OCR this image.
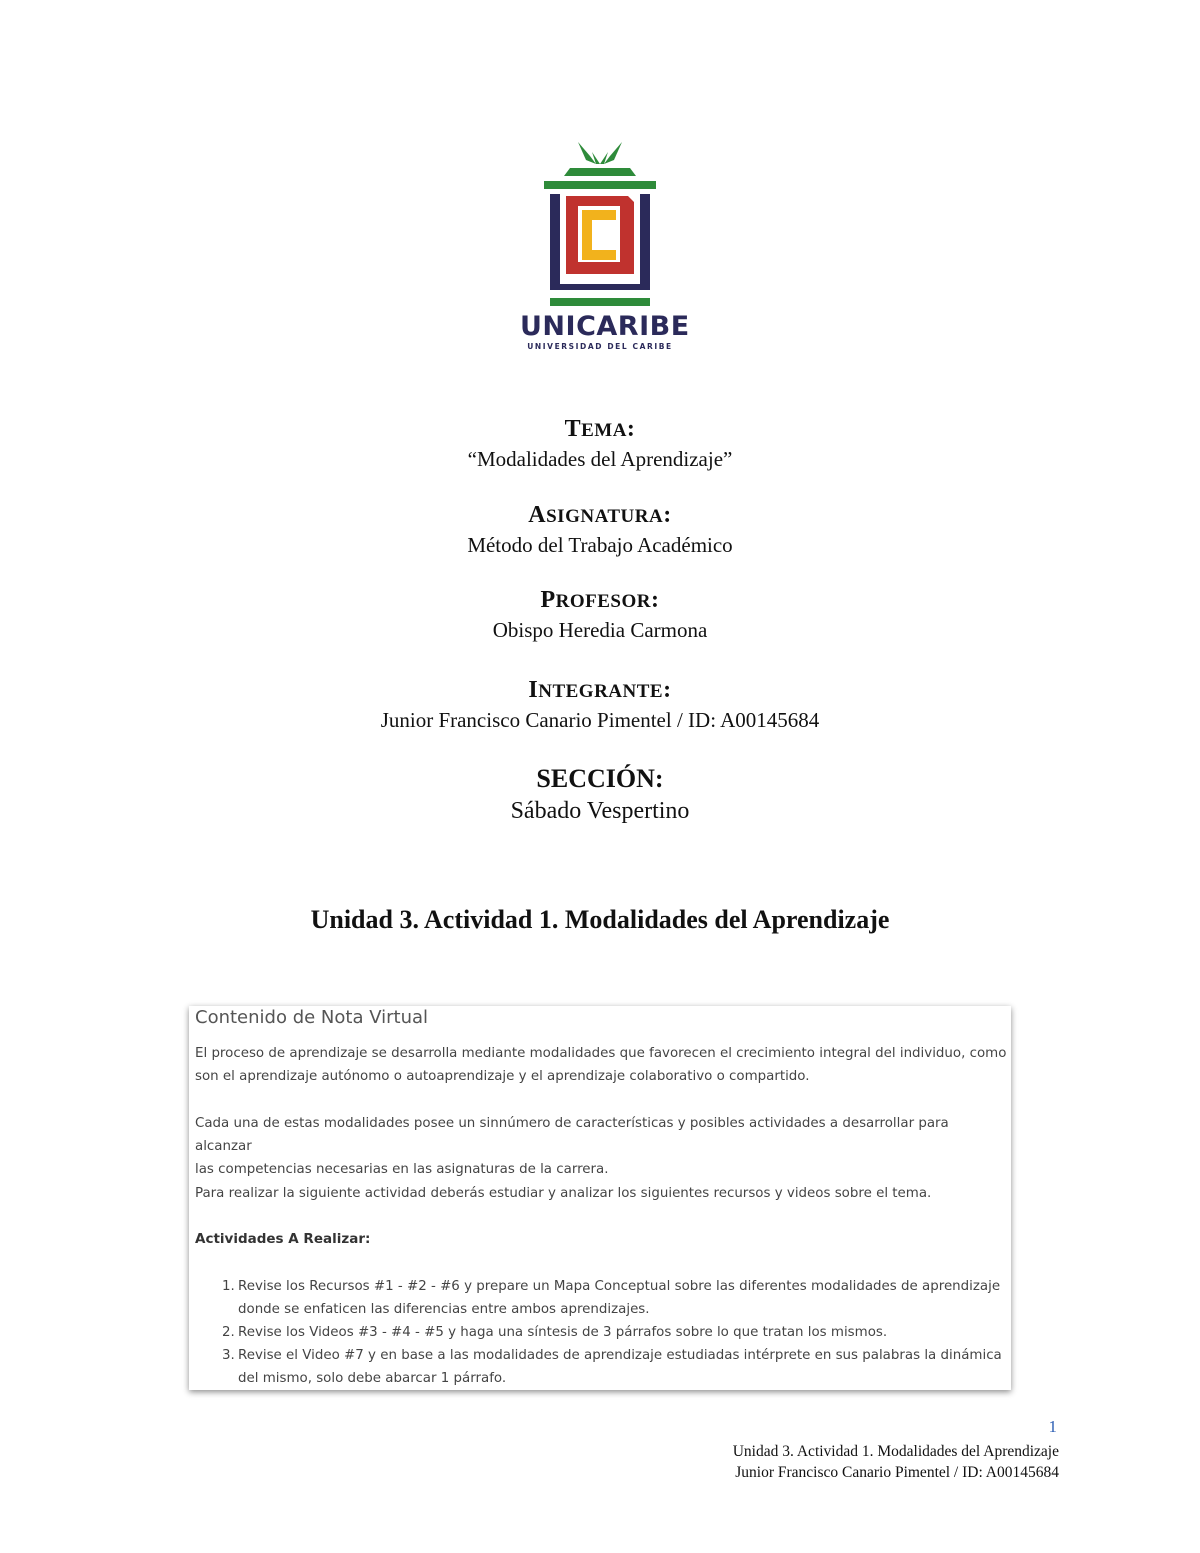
UNICARIBE
UNIVERSIDAD DEL CARIBE
TEMA:
“Modalidades del Aprendizaje”
ASIGNATURA:
Método del Trabajo Académico
PROFESOR:
Obispo Heredia Carmona
INTEGRANTE:
Junior Francisco Canario Pimentel / ID: A00145684
SECCIÓN:
Sábado Vespertino
Unidad 3. Actividad 1. Modalidades del Aprendizaje
Contenido de Nota Virtual
El proceso de aprendizaje se desarrolla mediante modalidades que favorecen el crecimiento integral del individuo, como
son el aprendizaje autónomo o autoaprendizaje y el aprendizaje colaborativo o compartido.
Cada una de estas modalidades posee un sinnúmero de características y posibles actividades a desarrollar para alcanzar
las competencias necesarias en las asignaturas de la carrera.
Para realizar la siguiente actividad deberás estudiar y analizar los siguientes recursos y videos sobre el tema.
Actividades A Realizar:
1. Revise los Recursos #1 - #2 - #6 y prepare un Mapa Conceptual sobre las diferentes modalidades de aprendizaje
donde se enfaticen las diferencias entre ambos aprendizajes.
2. Revise los Videos #3 - #4 - #5 y haga una síntesis de 3 párrafos sobre lo que tratan los mismos.
3. Revise el Video #7 y en base a las modalidades de aprendizaje estudiadas intérprete en sus palabras la dinámica
del mismo, solo debe abarcar 1 párrafo.
1
Unidad 3. Actividad 1. Modalidades del Aprendizaje
Junior Francisco Canario Pimentel / ID: A00145684
